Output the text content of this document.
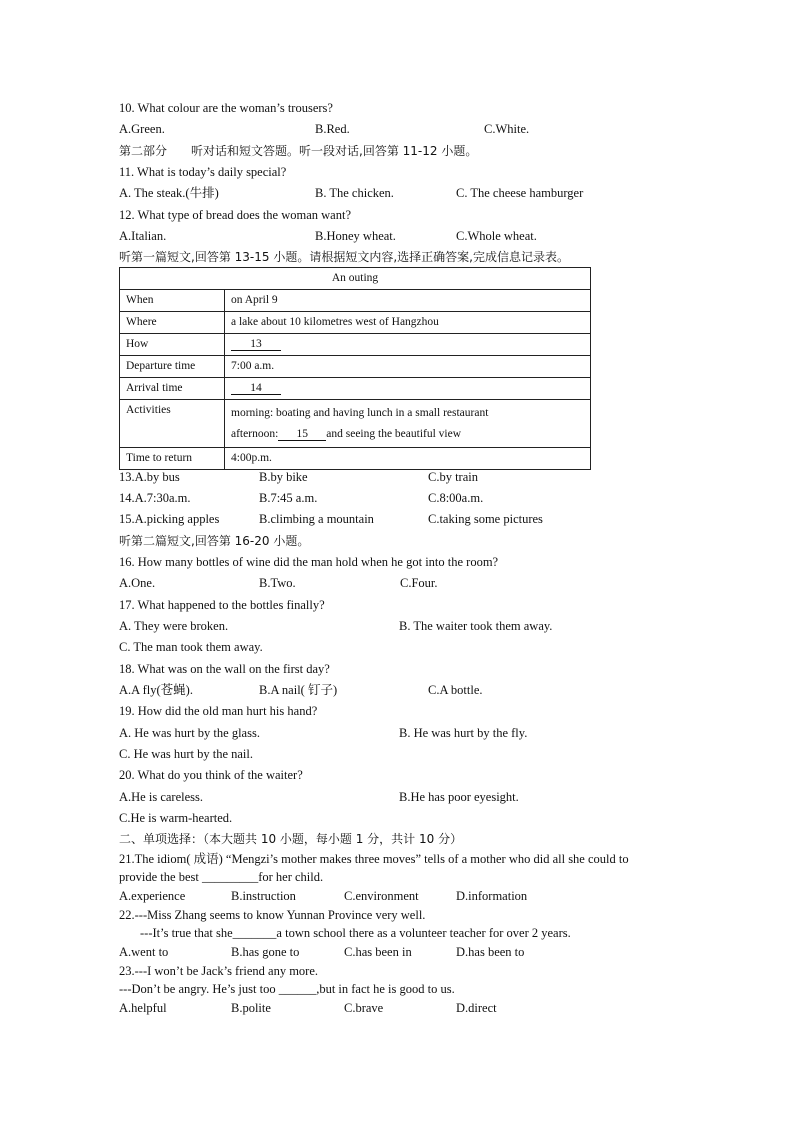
10. What colour are the woman’s trousers?
A.Green.	B.Red.	C.White.
第二部分　　听对话和短文答题。听一段对话,回答第 11-12 小题。
11. What is today’s daily special?
A. The steak.(牛排)	B. The chicken.	C. The cheese hamburger
12. What type of bread does the woman want?
A.Italian.	B.Honey wheat.	C.Whole wheat.
听第一篇短文,回答第 13-15 小题。请根据短文内容,选择正确答案,完成信息记录表。
An outing	
When	on April 9
Where	a lake about 10 kilometres west of Hangzhou
How	13
Departure time	7:00 a.m.
Arrival time	14
Activities	morning: boating and having lunch in a small restaurant
afternoon: 15 and seeing the beautiful view

Time to return	4:00p.m.
13.A.by bus	B.by bike	C.by train
14.A.7:30a.m.	B.7:45 a.m.	C.8:00a.m.
15.A.picking apples	B.climbing a mountain	C.taking some pictures
听第二篇短文,回答第 16-20 小题。
16. How many bottles of wine did the man hold when he got into the room?
A.One.	B.Two.	C.Four.
17. What happened to the bottles finally?
A. They were broken.	B. The waiter took them away.
C. The man took them away.
18. What was on the wall on the first day?
A.A fly(苍蝇).	B.A nail( 钉子)	C.A bottle.
19. How did the old man hurt his hand?
A. He was hurt by the glass.	B. He was hurt by the fly.
C. He was hurt by the nail.
20. What do you think of the waiter?
A.He is careless.	B.He has poor eyesight.
C.He is warm-hearted.
二、单项选择：（本大题共 10 小题，每小题 1 分，共计 10 分）
21.The idiom( 成语) “Mengzi’s mother makes three moves” tells of a mother who did all she could to
provide the best _________for her child.
A.experience	B.instruction	C.environment	D.information
22.---Miss Zhang seems to know Yunnan Province very well.
---It’s true that she_______a town school there as a volunteer teacher for over 2 years.
A.went to	B.has gone to	C.has been in	D.has been to
23.---I won’t be Jack’s friend any more.
---Don’t be angry. He’s just too ______,but in fact he is good to us.
A.helpful	B.polite	C.brave	D.direct
